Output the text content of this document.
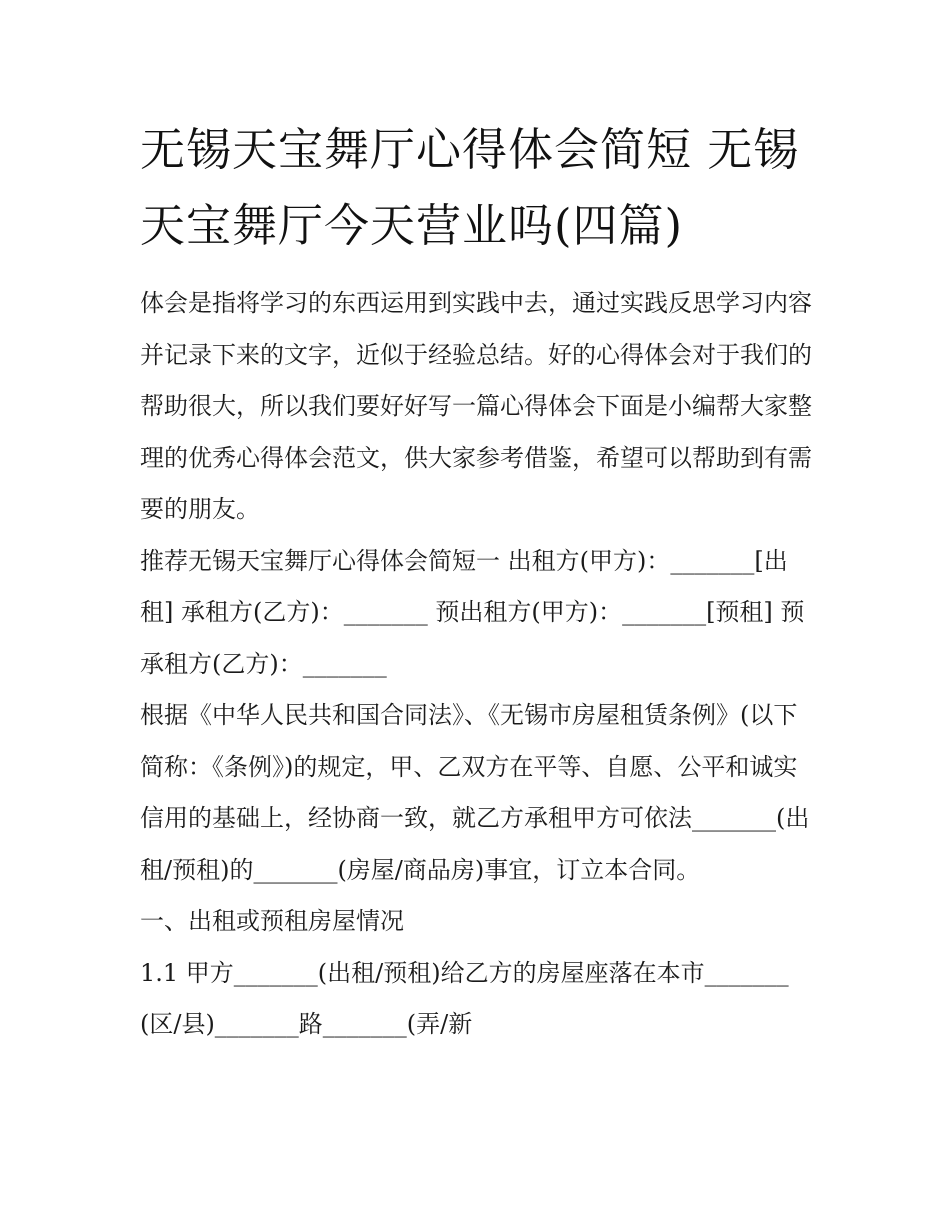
无锡天宝舞厅心得体会简短 无锡天宝舞厅今天营业吗(四篇)

体会是指将学习的东西运用到实践中去，通过实践反思学习内容并记录下来的文字，近似于经验总结。好的心得体会对于我们的帮助很大，所以我们要好好写一篇心得体会下面是小编帮大家整理的优秀心得体会范文，供大家参考借鉴，希望可以帮助到有需要的朋友。

推荐无锡天宝舞厅心得体会简短一 出租方(甲方)：_______[出租] 承租方(乙方)：_______ 预出租方(甲方)：_______[预租] 预承租方(乙方)：_______

根据《中华人民共和国合同法》、《无锡市房屋租赁条例》(以下简称：《条例》)的规定，甲、乙双方在平等、自愿、公平和诚实信用的基础上，经协商一致，就乙方承租甲方可依法_______(出租/预租)的_______(房屋/商品房)事宜，订立本合同。

一、出租或预租房屋情况

1.1 甲方_______(出租/预租)给乙方的房屋座落在本市_______(区/县)_______路_______(弄/新
